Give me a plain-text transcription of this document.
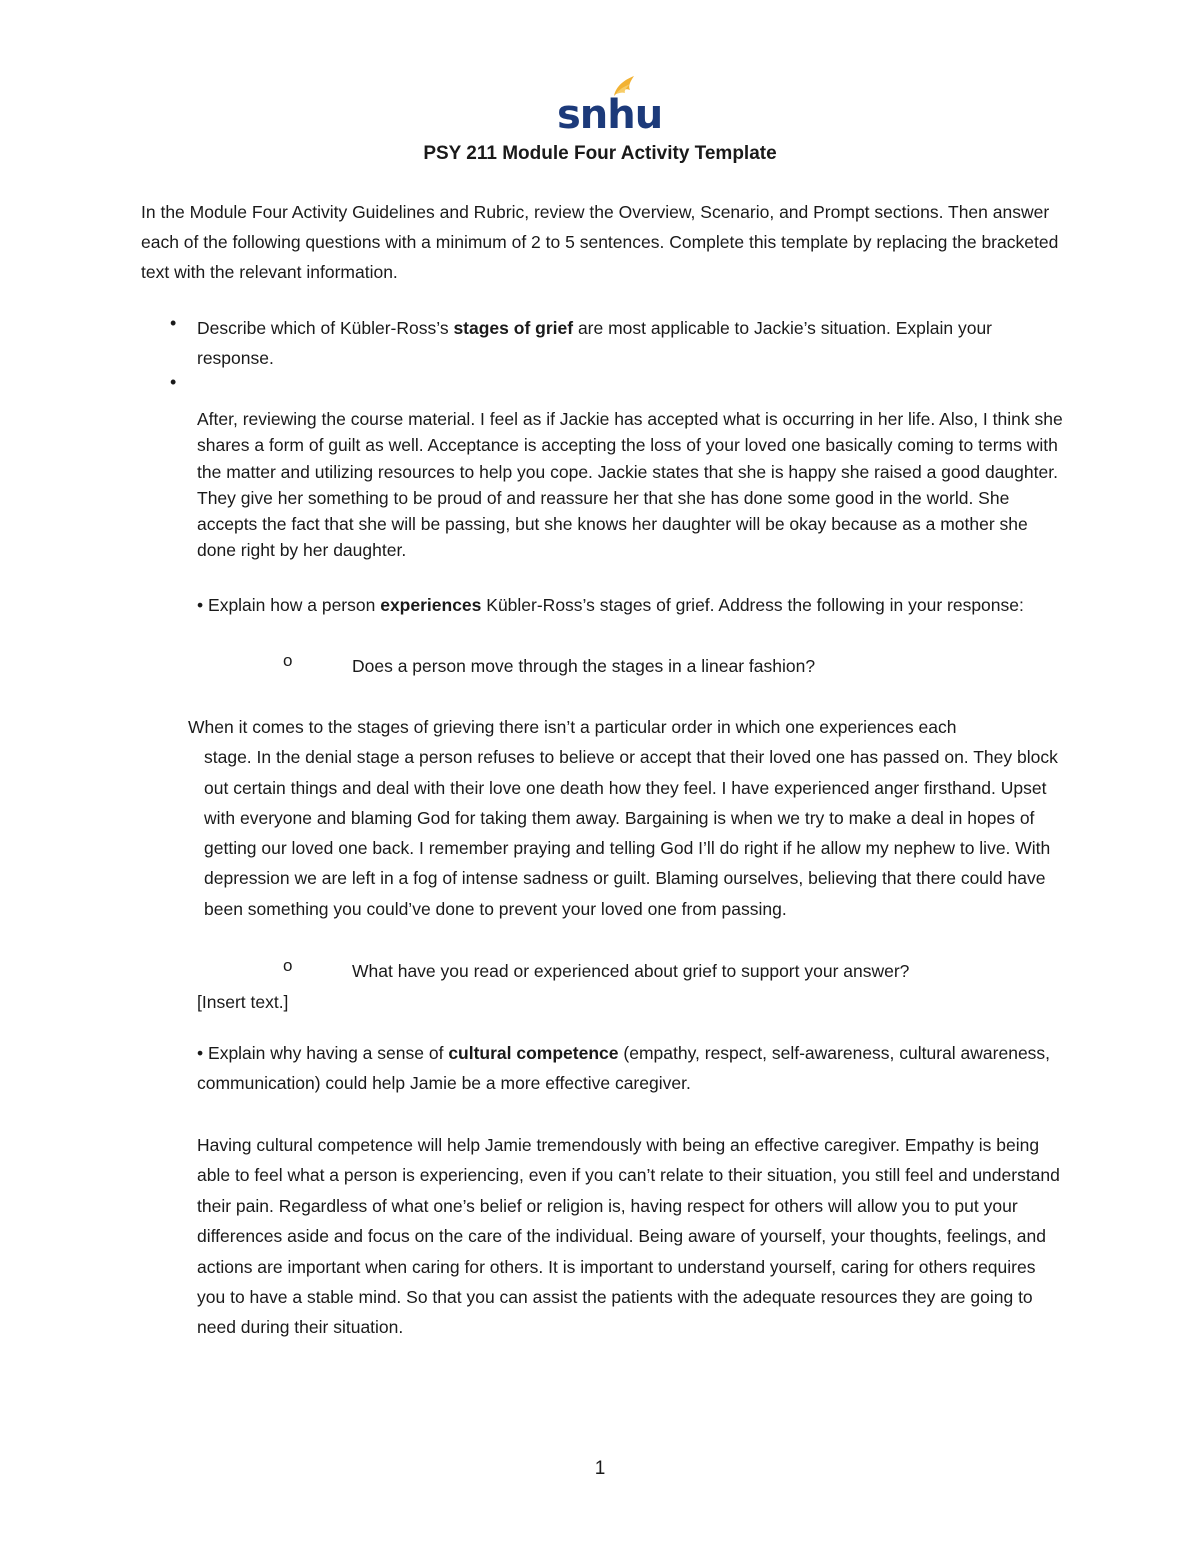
snhu
PSY 211 Module Four Activity Template

In the Module Four Activity Guidelines and Rubric, review the Overview, Scenario, and Prompt sections. Then answer each of the following questions with a minimum of 2 to 5 sentences. Complete this template by replacing the bracketed text with the relevant information.

• Describe which of Kübler-Ross’s stages of grief are most applicable to Jackie’s situation. Explain your response.
•

After, reviewing the course material. I feel as if Jackie has accepted what is occurring in her life. Also, I think she shares a form of guilt as well. Acceptance is accepting the loss of your loved one basically coming to terms with the matter and utilizing resources to help you cope. Jackie states that she is happy she raised a good daughter. They give her something to be proud of and reassure her that she has done some good in the world. She accepts the fact that she will be passing, but she knows her daughter will be okay because as a mother she done right by her daughter.

• Explain how a person experiences Kübler-Ross’s stages of grief. Address the following in your response:
o	Does a person move through the stages in a linear fashion?

When it comes to the stages of grieving there isn’t a particular order in which one experiences each
stage. In the denial stage a person refuses to believe or accept that their loved one has passed on. They block out certain things and deal with their love one death how they feel. I have experienced anger firsthand. Upset with everyone and blaming God for taking them away. Bargaining is when we try to make a deal in hopes of getting our loved one back. I remember praying and telling God I’ll do right if he allow my nephew to live. With depression we are left in a fog of intense sadness or guilt. Blaming ourselves, believing that there could have been something you could’ve done to prevent your loved one from passing.

o	What have you read or experienced about grief to support your answer?
[Insert text.]
• Explain why having a sense of cultural competence (empathy, respect, self-awareness, cultural awareness, communication) could help Jamie be a more effective caregiver.

Having cultural competence will help Jamie tremendously with being an effective caregiver. Empathy is being able to feel what a person is experiencing, even if you can’t relate to their situation, you still feel and understand their pain. Regardless of what one’s belief or religion is, having respect for others will allow you to put your differences aside and focus on the care of the individual. Being aware of yourself, your thoughts, feelings, and actions are important when caring for others. It is important to understand yourself, caring for others requires you to have a stable mind. So that you can assist the patients with the adequate resources they are going to need during their situation.

1
